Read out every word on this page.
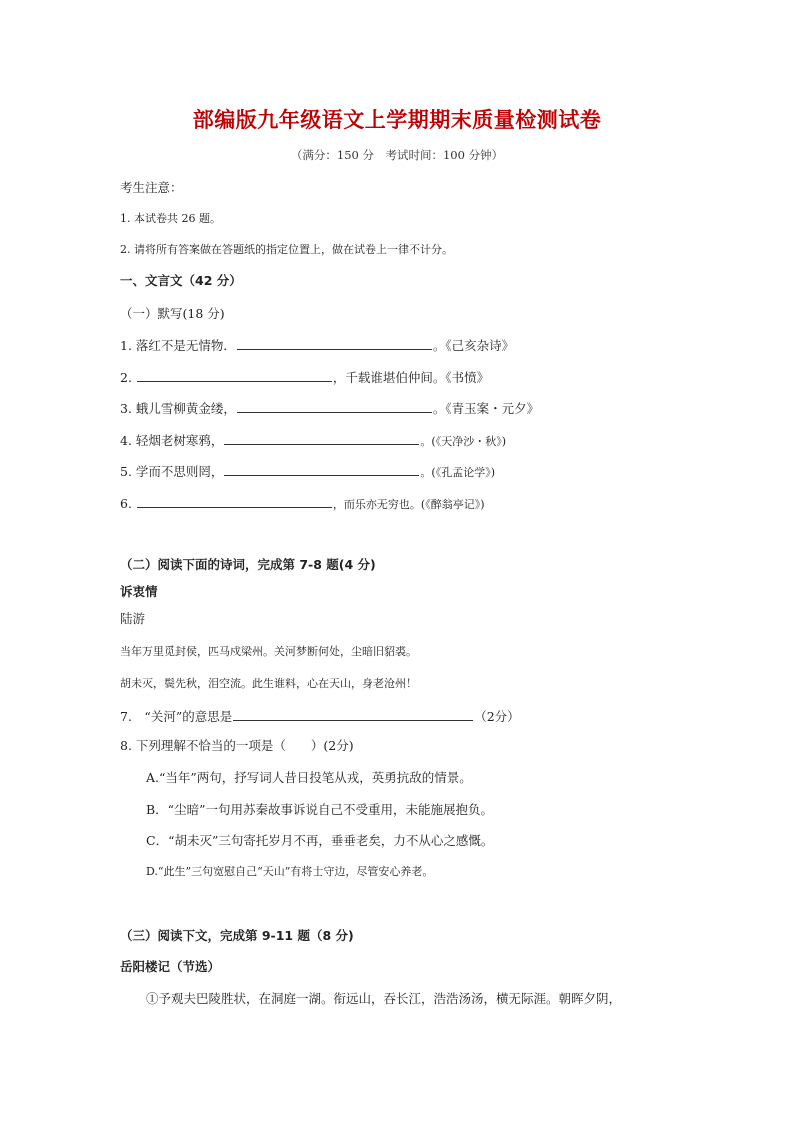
部编版九年级语文上学期期末质量检测试卷
（满分：150 分　考试时间：100 分钟）
考生注意：
1. 本试卷共 26 题。
2. 请将所有答案做在答题纸的指定位置上，做在试卷上一律不计分。
一、文言文（42 分）
（一）默写(18 分)
1. 落红不是无情物．	。《己亥杂诗》
2.	，千载谁堪伯仲间。《书愤》
3. 蛾儿雪柳黄金缕，	。《青玉案・元夕》
4. 轻烟老树寒鸦，	。(《天净沙・秋》)
5. 学而不思则罔，	。(《孔孟论学》)
6.	，而乐亦无穷也。(《醉翁亭记》)
（二）阅读下面的诗词，完成第 7-8 题(4 分)
诉衷情
陆游
当年万里觅封侯，匹马戍梁州。关河梦断何处，尘暗旧貂裘。
胡未灭，鬓先秋，泪空流。此生谁料，心在天山，身老沧州！
7.　“关河”的意思是	（2分）
8. 下列理解不恰当的一项是（　　）(2分)
A.“当年”两句，抒写词人昔日投笔从戎，英勇抗敌的情景。
B．“尘暗”一句用苏秦故事诉说自己不受重用，未能施展抱负。
C．“胡未灭”三句寄托岁月不再，垂垂老矣，力不从心之感慨。
D.“此生”三句宽慰自己“天山”有将士守边，尽管安心养老。
（三）阅读下文，完成第 9-11 题（8 分)
岳阳楼记（节选）
①予观夫巴陵胜状，在洞庭一湖。衔远山，吞长江，浩浩汤汤，横无际涯。朝晖夕阴，
